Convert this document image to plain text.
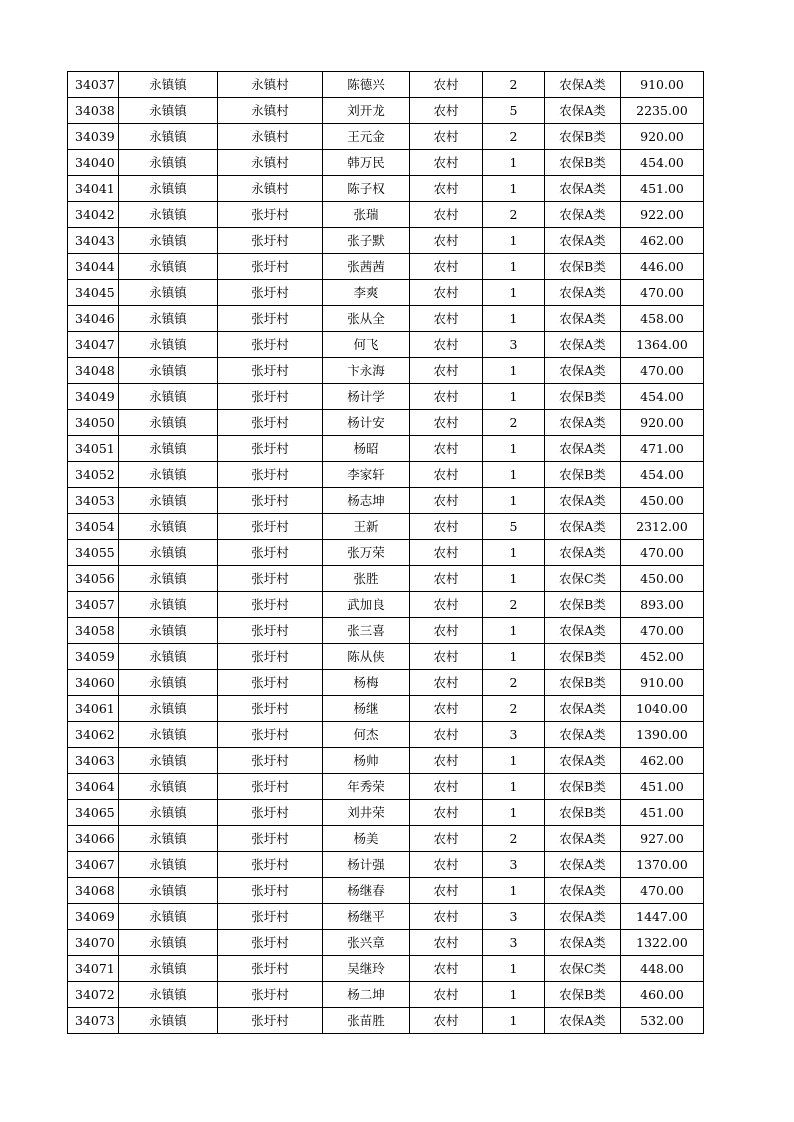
34037	永镇镇	永镇村	陈德兴	农村	2	农保A类	910.00
34038	永镇镇	永镇村	刘开龙	农村	5	农保A类	2235.00
34039	永镇镇	永镇村	王元金	农村	2	农保B类	920.00
34040	永镇镇	永镇村	韩万民	农村	1	农保B类	454.00
34041	永镇镇	永镇村	陈子权	农村	1	农保A类	451.00
34042	永镇镇	张圩村	张瑞	农村	2	农保A类	922.00
34043	永镇镇	张圩村	张子默	农村	1	农保A类	462.00
34044	永镇镇	张圩村	张茜茜	农村	1	农保B类	446.00
34045	永镇镇	张圩村	李爽	农村	1	农保A类	470.00
34046	永镇镇	张圩村	张从全	农村	1	农保A类	458.00
34047	永镇镇	张圩村	何飞	农村	3	农保A类	1364.00
34048	永镇镇	张圩村	卞永海	农村	1	农保A类	470.00
34049	永镇镇	张圩村	杨计学	农村	1	农保B类	454.00
34050	永镇镇	张圩村	杨计安	农村	2	农保A类	920.00
34051	永镇镇	张圩村	杨昭	农村	1	农保A类	471.00
34052	永镇镇	张圩村	李家轩	农村	1	农保B类	454.00
34053	永镇镇	张圩村	杨志坤	农村	1	农保A类	450.00
34054	永镇镇	张圩村	王新	农村	5	农保A类	2312.00
34055	永镇镇	张圩村	张万荣	农村	1	农保A类	470.00
34056	永镇镇	张圩村	张胜	农村	1	农保C类	450.00
34057	永镇镇	张圩村	武加良	农村	2	农保B类	893.00
34058	永镇镇	张圩村	张三喜	农村	1	农保A类	470.00
34059	永镇镇	张圩村	陈从侠	农村	1	农保B类	452.00
34060	永镇镇	张圩村	杨梅	农村	2	农保B类	910.00
34061	永镇镇	张圩村	杨继	农村	2	农保A类	1040.00
34062	永镇镇	张圩村	何杰	农村	3	农保A类	1390.00
34063	永镇镇	张圩村	杨帅	农村	1	农保A类	462.00
34064	永镇镇	张圩村	年秀荣	农村	1	农保B类	451.00
34065	永镇镇	张圩村	刘井荣	农村	1	农保B类	451.00
34066	永镇镇	张圩村	杨美	农村	2	农保A类	927.00
34067	永镇镇	张圩村	杨计强	农村	3	农保A类	1370.00
34068	永镇镇	张圩村	杨继春	农村	1	农保A类	470.00
34069	永镇镇	张圩村	杨继平	农村	3	农保A类	1447.00
34070	永镇镇	张圩村	张兴章	农村	3	农保A类	1322.00
34071	永镇镇	张圩村	吴继玲	农村	1	农保C类	448.00
34072	永镇镇	张圩村	杨二坤	农村	1	农保B类	460.00
34073	永镇镇	张圩村	张苗胜	农村	1	农保A类	532.00
